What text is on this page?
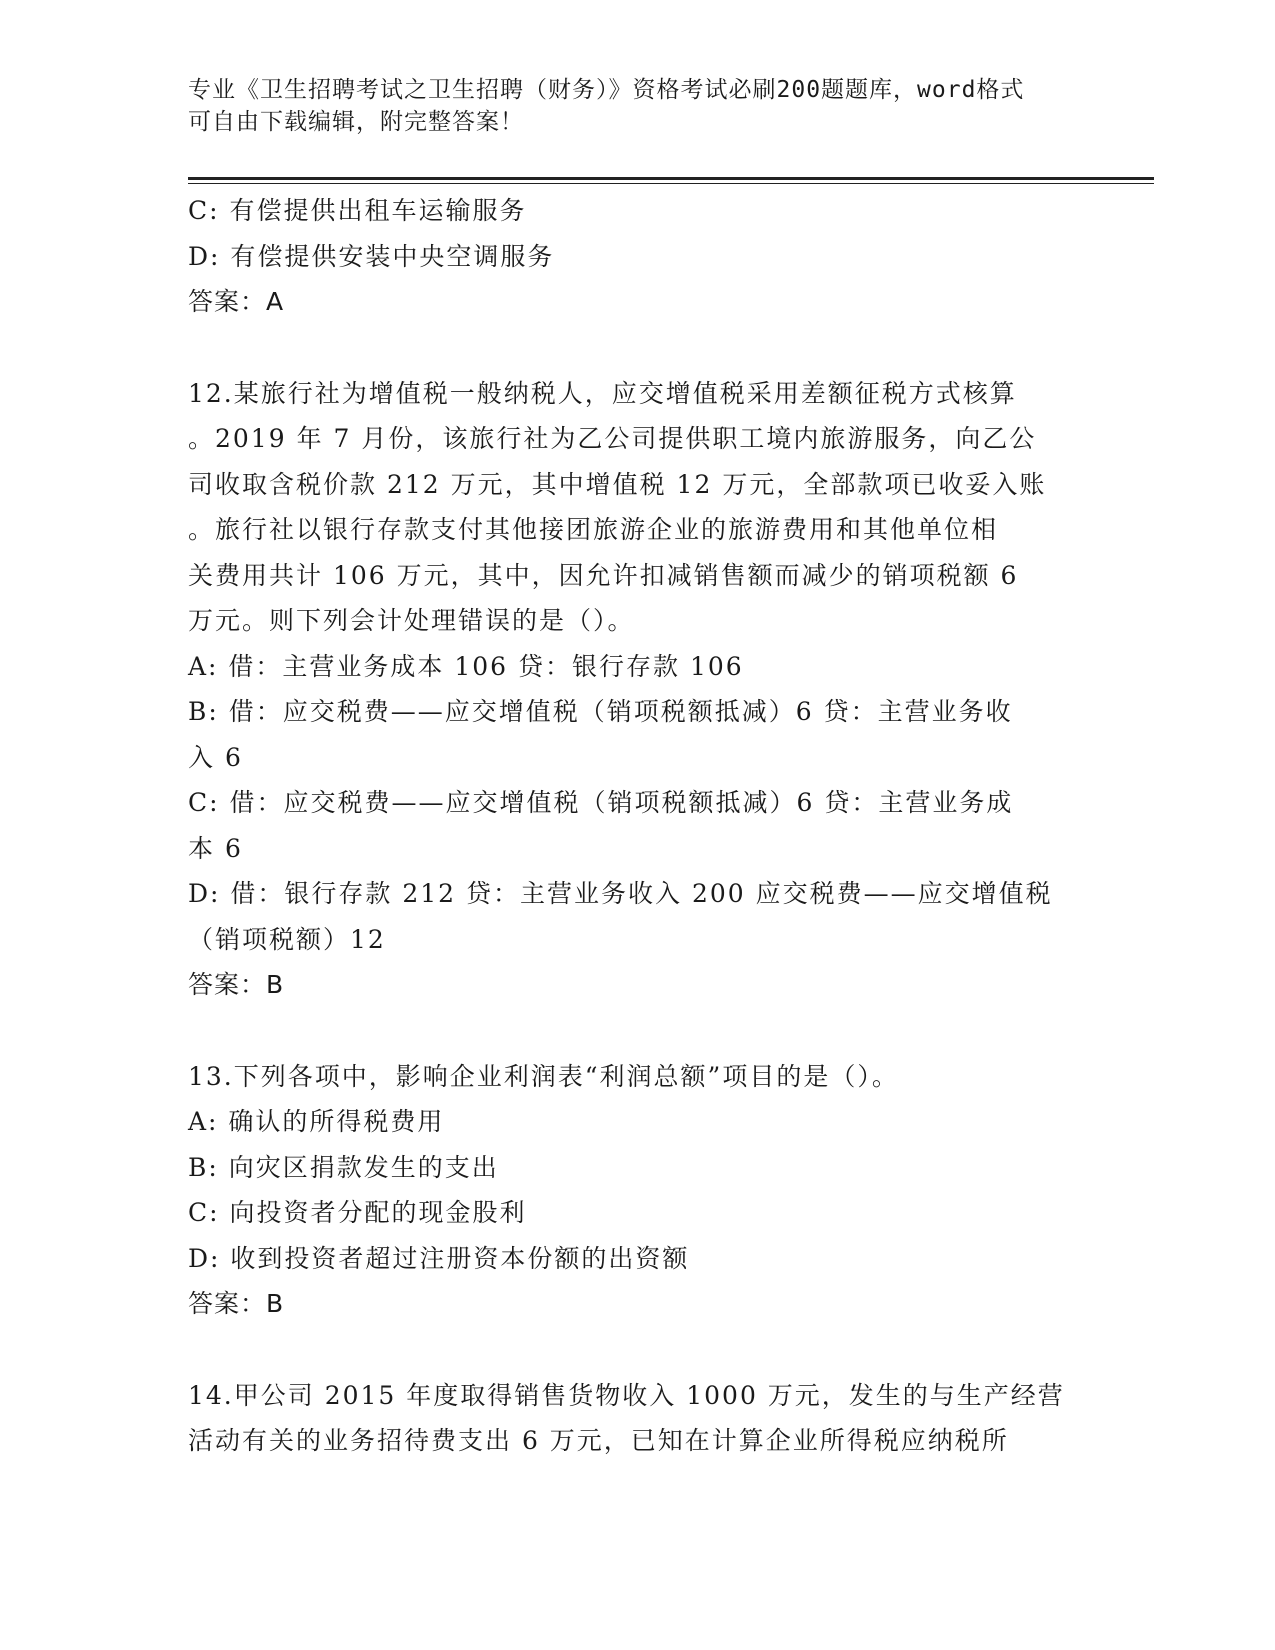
专业《卫生招聘考试之卫生招聘（财务）》资格考试必刷200题题库，word格式
可自由下载编辑，附完整答案！
C: 有偿提供出租车运输服务
D: 有偿提供安装中央空调服务
答案：A
12.某旅行社为增值税一般纳税人，应交增值税采用差额征税方式核算
。2019 年 7 月份，该旅行社为乙公司提供职工境内旅游服务，向乙公
司收取含税价款 212 万元，其中增值税 12 万元，全部款项已收妥入账
。旅行社以银行存款支付其他接团旅游企业的旅游费用和其他单位相
关费用共计 106 万元，其中，因允许扣减销售额而减少的销项税额 6
万元。则下列会计处理错误的是（）。
A: 借：主营业务成本 106 贷：银行存款 106
B: 借：应交税费——应交增值税（销项税额抵减）6 贷：主营业务收
入 6
C: 借：应交税费——应交增值税（销项税额抵减）6 贷：主营业务成
本 6
D: 借：银行存款 212 贷：主营业务收入 200 应交税费——应交增值税
（销项税额）12
答案：B
13.下列各项中，影响企业利润表“利润总额”项目的是（）。
A: 确认的所得税费用
B: 向灾区捐款发生的支出
C: 向投资者分配的现金股利
D: 收到投资者超过注册资本份额的出资额
答案：B
14.甲公司 2015 年度取得销售货物收入 1000 万元，发生的与生产经营
活动有关的业务招待费支出 6 万元，已知在计算企业所得税应纳税所
